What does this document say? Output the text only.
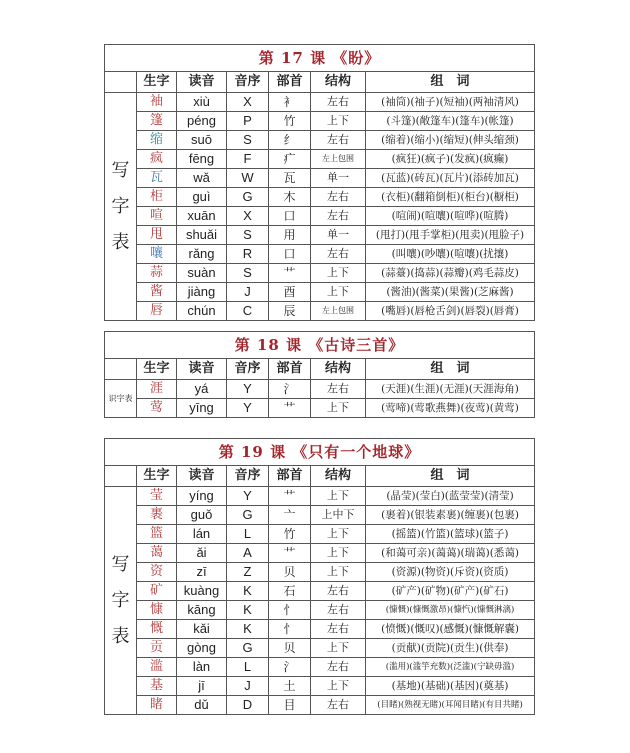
第 17 课 《盼》						
	生字	读音	音序	部首	结构	组　词

写
字
表	袖	xiù	X	衤	左右	(袖筒)(袖子)(短袖)(两袖清风)
	篷	péng	P	竹	上下	(斗篷)(敞篷车)(篷车)(帐篷)
	缩	suō	S	纟	左右	(缩着)(缩小)(缩短)(伸头缩颈)
	疯	fēng	F	疒	左上包围	(疯狂)(疯子)(发疯)(疯癫)
	瓦	wǎ	W	瓦	单一	(瓦蓝)(砖瓦)(瓦片)(添砖加瓦)
	柜	guì	G	木	左右	(衣柜)(翻箱倒柜)(柜台)(橱柜)
	喧	xuān	X	口	左右	(喧闹)(喧嚷)(喧哗)(喧腾)
	甩	shuǎi	S	用	单一	(甩打)(甩手掌柜)(甩卖)(甩脸子)
	嚷	rǎng	R	口	左右	(叫嚷)(吵嚷)(喧嚷)(扰攘)
	蒜	suàn	S	艹	上下	(蒜薹)(捣蒜)(蒜瓣)(鸡毛蒜皮)
	酱	jiàng	J	酉	上下	(酱油)(酱菜)(果酱)(芝麻酱)
	唇	chún	C	辰	左上包围	(嘴唇)(唇枪舌剑)(唇裂)(唇膏)
第 18 课 《古诗三首》						
	生字	读音	音序	部首	结构	组　词
识字表	涯	yá	Y	氵	左右	(天涯)(生涯)(无涯)(天涯海角)
	莺	yīng	Y	艹	上下	(莺啼)(莺歌燕舞)(夜莺)(黄莺)
第 19 课 《只有一个地球》						
	生字	读音	音序	部首	结构	组　词

写
字
表	莹	yíng	Y	艹	上下	(晶莹)(莹白)(蓝莹莹)(清莹)
	裹	guǒ	G	亠	上中下	(裹着)(银装素裹)(缠裹)(包裹)
	篮	lán	L	竹	上下	(摇篮)(竹篮)(篮球)(篮子)
	蔼	ǎi	A	艹	上下	(和蔼可亲)(蔼蔼)(瑞蔼)(悉蔼)
	资	zī	Z	贝	上下	(资源)(物资)(斥资)(资质)
	矿	kuàng	K	石	左右	(矿产)(矿物)(矿产)(矿石)
	慷	kāng	K	忄	左右	(慷慨)(慷慨激昂)(慷忾)(慷慨淋漓)
	慨	kǎi	K	忄	左右	(愤慨)(慨叹)(感慨)(慷慨解囊)
	贡	gòng	G	贝	上下	(贡献)(贡院)(贡生)(供奉)
	滥	làn	L	氵	左右	(滥用)(滥竽充数)(泛滥)(宁缺毋滥)
	基	jī	J	土	上下	(基地)(基础)(基因)(奠基)
	睹	dǔ	D	目	左右	(目睹)(熟视无睹)(耳闻目睹)(有目共睹)
